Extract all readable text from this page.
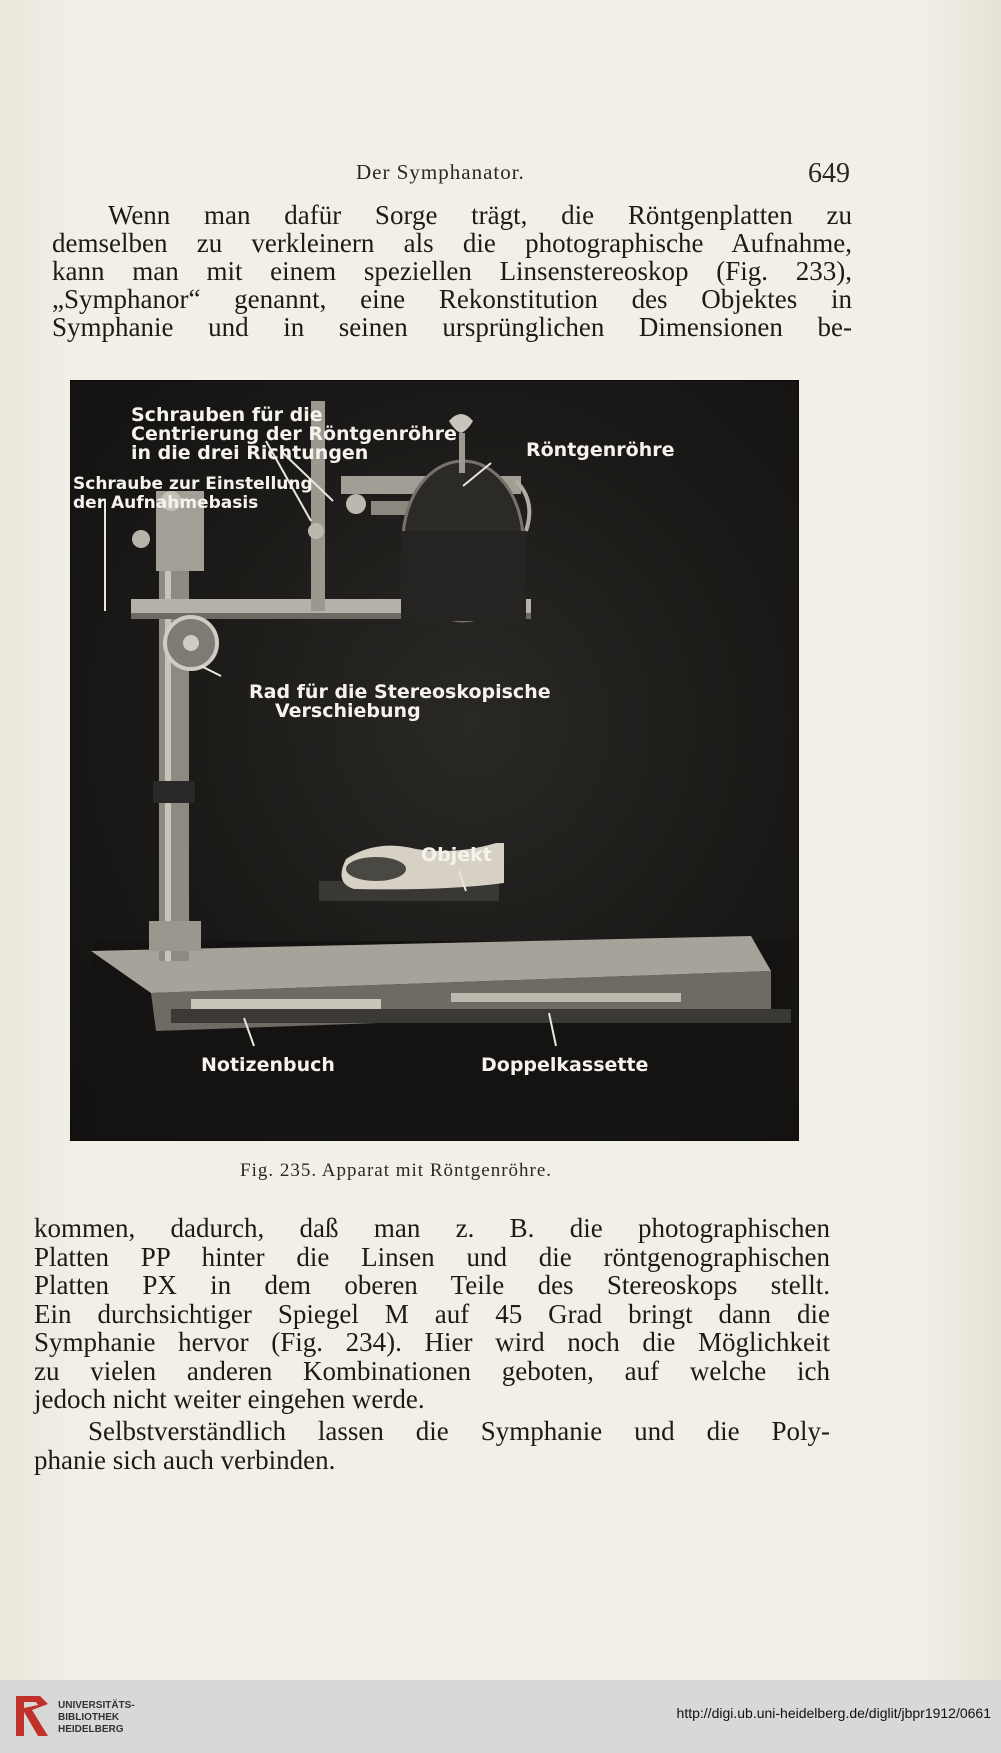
Der Symphanator.	649

Wenn man dafür Sorge trägt, die Röntgenplatten zu
demselben zu verkleinern als die photographische Aufnahme,
kann man mit einem speziellen Linsenstereoskop (Fig. 233),
„Symphanor“ genannt, eine Rekonstitution des Objektes in
Symphanie und in seinen ursprünglichen Dimensionen be-

Schrauben für die
Centrierung der Röntgenröhre
in die drei Richtungen
Schraube zur Einstellung
der Aufnahmebasis
Röntgenröhre
Rad für die Stereoskopische
Verschiebung
Objekt
Notizenbuch	Doppelkassette
Fig. 235. Apparat mit Röntgenröhre.

kommen, dadurch, daß man z. B. die photographischen
Platten PP hinter die Linsen und die röntgenographischen
Platten PX in dem oberen Teile des Stereoskops stellt.
Ein durchsichtiger Spiegel M auf 45 Grad bringt dann die
Symphanie hervor (Fig. 234). Hier wird noch die Möglichkeit
zu vielen anderen Kombinationen geboten, auf welche ich
jedoch nicht weiter eingehen werde.

Selbstverständlich lassen die Symphanie und die Poly-
phanie sich auch verbinden.

UNIVERSITÄTS-
BIBLIOTHEK
HEIDELBERG
http://digi.ub.uni-heidelberg.de/diglit/jbpr1912/0661
